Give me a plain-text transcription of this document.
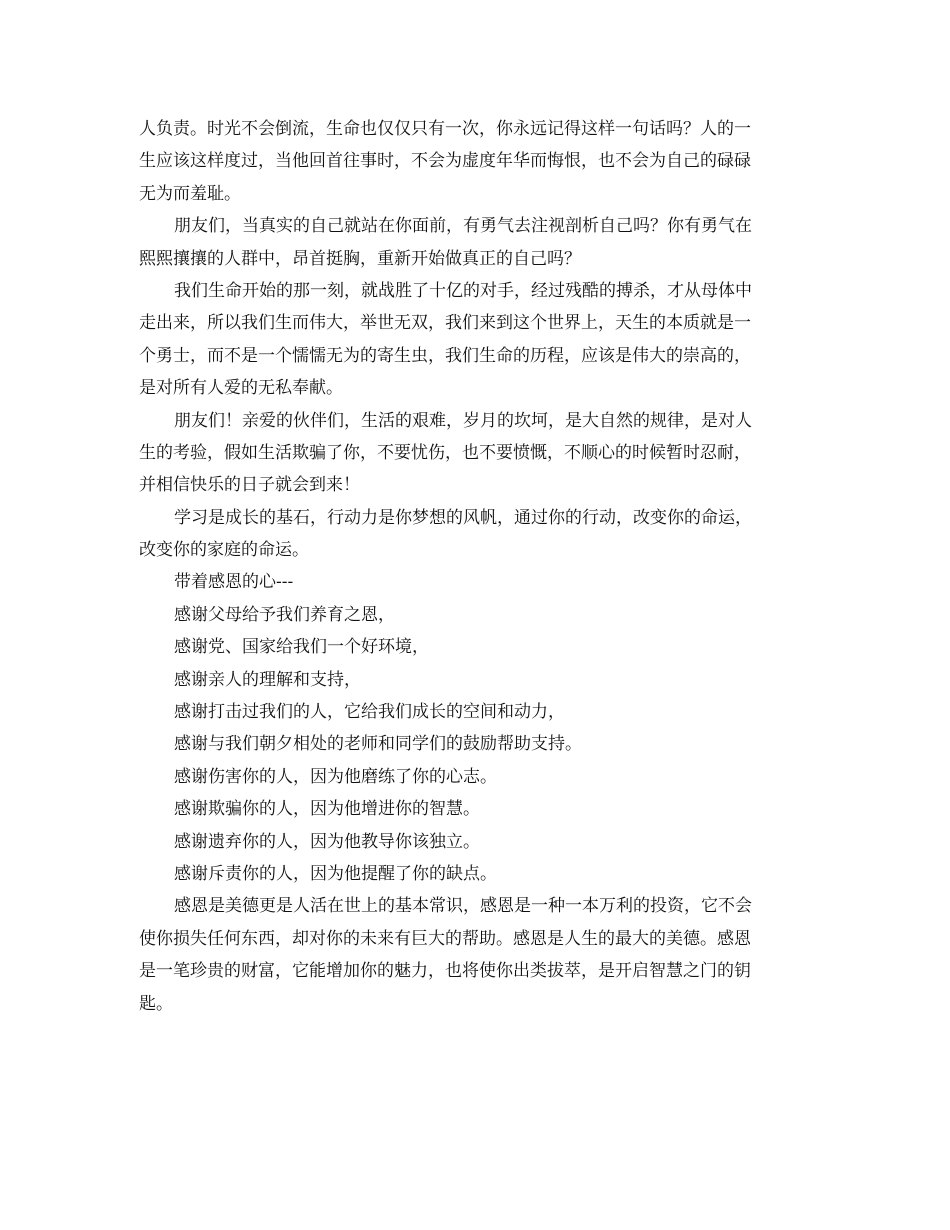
人负责。时光不会倒流，生命也仅仅只有一次，你永远记得这样一句话吗？人的一
生应该这样度过，当他回首往事时，不会为虚度年华而悔恨，也不会为自己的碌碌
无为而羞耻。
朋友们，当真实的自己就站在你面前，有勇气去注视剖析自己吗？你有勇气在
熙熙攘攘的人群中，昂首挺胸，重新开始做真正的自己吗？
我们生命开始的那一刻，就战胜了十亿的对手，经过残酷的搏杀，才从母体中
走出来，所以我们生而伟大，举世无双，我们来到这个世界上，天生的本质就是一
个勇士，而不是一个懦懦无为的寄生虫，我们生命的历程，应该是伟大的崇高的，
是对所有人爱的无私奉献。
朋友们！亲爱的伙伴们，生活的艰难，岁月的坎坷，是大自然的规律，是对人
生的考验，假如生活欺骗了你，不要忧伤，也不要愤慨，不顺心的时候暂时忍耐，
并相信快乐的日子就会到来！
学习是成长的基石，行动力是你梦想的风帆，通过你的行动，改变你的命运，
改变你的家庭的命运。
带着感恩的心---
感谢父母给予我们养育之恩，
感谢党、国家给我们一个好环境，
感谢亲人的理解和支持，
感谢打击过我们的人，它给我们成长的空间和动力，
感谢与我们朝夕相处的老师和同学们的鼓励帮助支持。
感谢伤害你的人，因为他磨练了你的心志。
感谢欺骗你的人，因为他增进你的智慧。
感谢遗弃你的人，因为他教导你该独立。
感谢斥责你的人，因为他提醒了你的缺点。
感恩是美德更是人活在世上的基本常识，感恩是一种一本万利的投资，它不会
使你损失任何东西，却对你的未来有巨大的帮助。感恩是人生的最大的美德。感恩
是一笔珍贵的财富，它能增加你的魅力，也将使你出类拔萃，是开启智慧之门的钥
匙。
